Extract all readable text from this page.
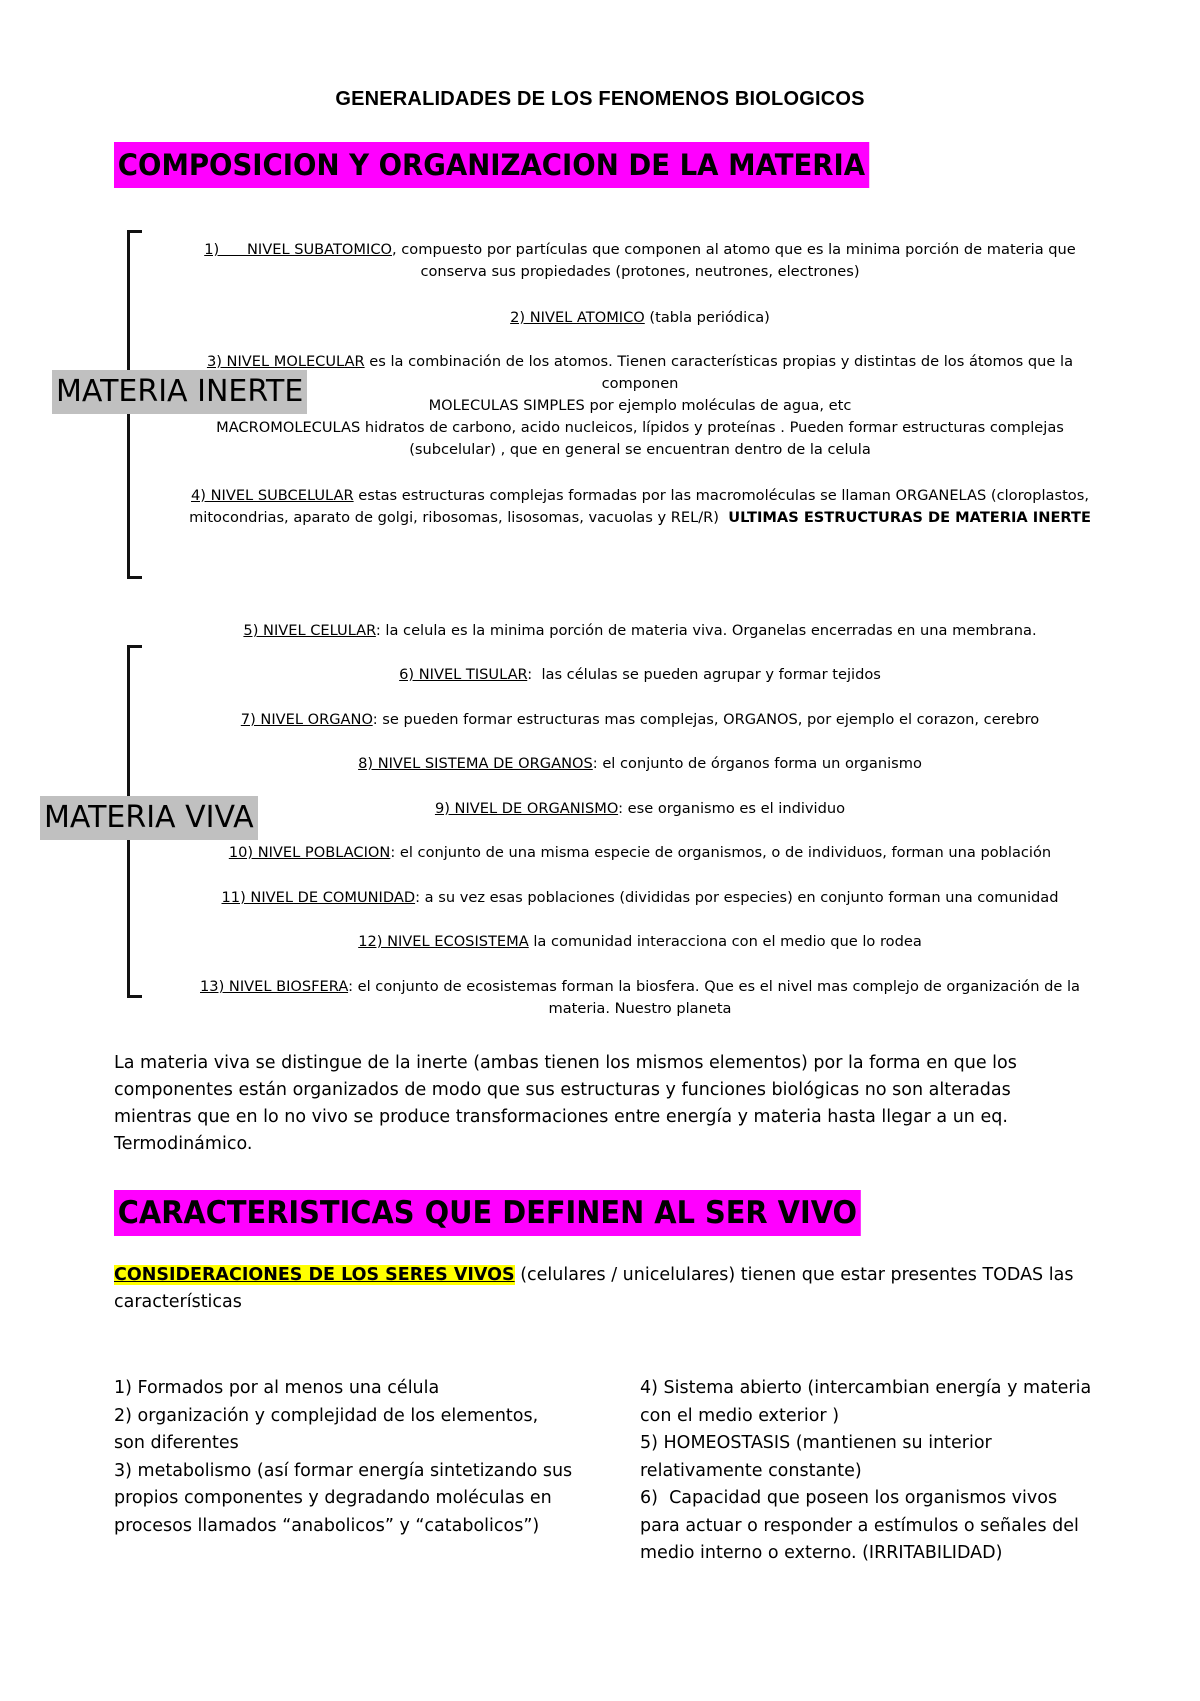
GENERALIDADES DE LOS FENOMENOS BIOLOGICOS
COMPOSICION Y ORGANIZACION DE LA MATERIA
MATERIA INERTE
MATERIA VIVA
1)      NIVEL SUBATOMICO, compuesto por partículas que componen al atomo que es la minima porción de materia que
conserva sus propiedades (protones, neutrones, electrones)
2) NIVEL ATOMICO (tabla periódica)
3) NIVEL MOLECULAR es la combinación de los atomos. Tienen características propias y distintas de los átomos que la
componen
MOLECULAS SIMPLES por ejemplo moléculas de agua, etc
MACROMOLECULAS hidratos de carbono, acido nucleicos, lípidos y proteínas . Pueden formar estructuras complejas
(subcelular) , que en general se encuentran dentro de la celula
4) NIVEL SUBCELULAR estas estructuras complejas formadas por las macromoléculas se llaman ORGANELAS (cloroplastos,
mitocondrias, aparato de golgi, ribosomas, lisosomas, vacuolas y REL/R)  ULTIMAS ESTRUCTURAS DE MATERIA INERTE
5) NIVEL CELULAR: la celula es la minima porción de materia viva. Organelas encerradas en una membrana.
6) NIVEL TISULAR:  las células se pueden agrupar y formar tejidos
7) NIVEL ORGANO: se pueden formar estructuras mas complejas, ORGANOS, por ejemplo el corazon, cerebro
8) NIVEL SISTEMA DE ORGANOS: el conjunto de órganos forma un organismo
9) NIVEL DE ORGANISMO: ese organismo es el individuo
10) NIVEL POBLACION: el conjunto de una misma especie de organismos, o de individuos, forman una población
11) NIVEL DE COMUNIDAD: a su vez esas poblaciones (divididas por especies) en conjunto forman una comunidad
12) NIVEL ECOSISTEMA la comunidad interacciona con el medio que lo rodea
13) NIVEL BIOSFERA: el conjunto de ecosistemas forman la biosfera. Que es el nivel mas complejo de organización de la
materia. Nuestro planeta
La materia viva se distingue de la inerte (ambas tienen los mismos elementos) por la forma en que los componentes están organizados de modo que sus estructuras y funciones biológicas no son alteradas mientras que en lo no vivo se produce transformaciones entre energía y materia hasta llegar a un eq. Termodinámico.
CARACTERISTICAS QUE DEFINEN AL SER VIVO
CONSIDERACIONES DE LOS SERES VIVOS (celulares / unicelulares) tienen que estar presentes TODAS las características
1) Formados por al menos una célula
2) organización y complejidad de los elementos, son diferentes
3) metabolismo (así formar energía sintetizando sus propios componentes y degradando moléculas en procesos llamados “anabolicos” y “catabolicos”)
4) Sistema abierto (intercambian energía y materia con el medio exterior )
5) HOMEOSTASIS (mantienen su interior relativamente constante)
6)  Capacidad que poseen los organismos vivos para actuar o responder a estímulos o señales del medio interno o externo. (IRRITABILIDAD)
